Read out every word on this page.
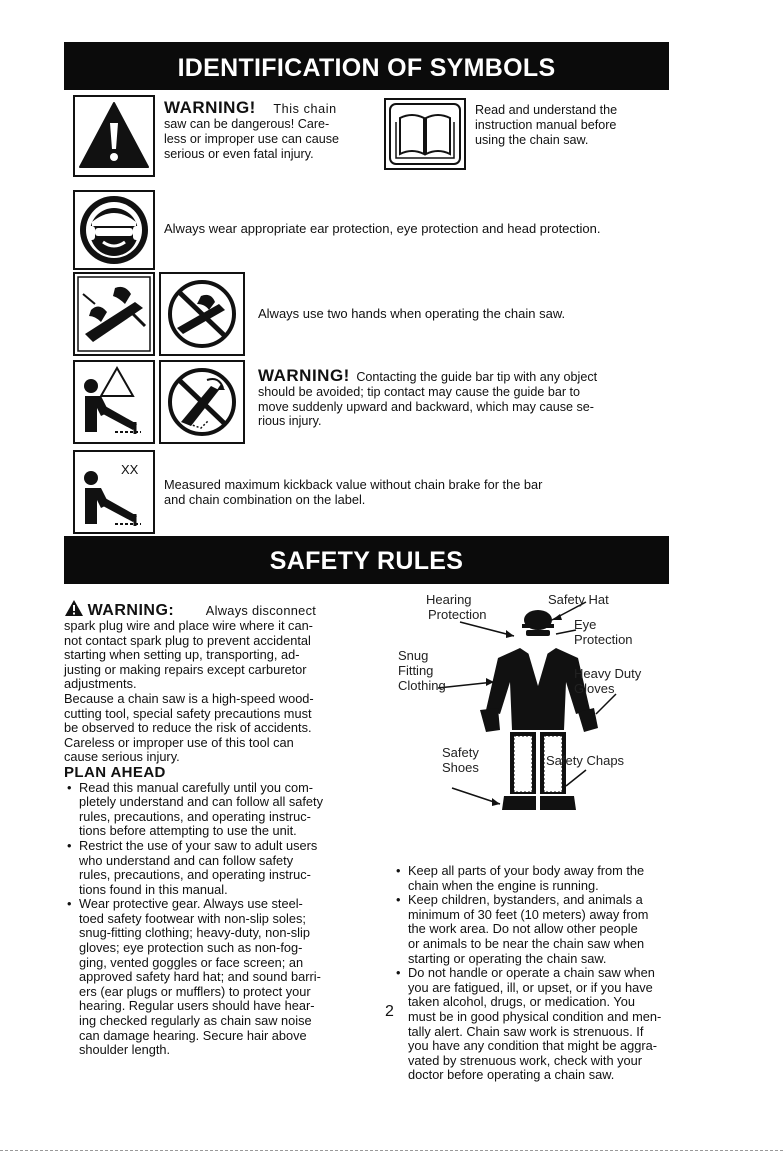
IDENTIFICATION OF SYMBOLS
WARNING! This chain
saw can be dangerous! Care-
less or improper use can cause
serious or even fatal injury.
Read and understand the
instruction manual before
using the chain saw.
Always wear appropriate ear protection, eye protection and head protection.
Always use two hands when operating the chain saw.
WARNING! Contacting the guide bar tip with any object
should be avoided; tip contact may cause the guide bar to
move suddenly upward and backward, which may cause se-
rious injury.
XX
Measured maximum kickback value without chain brake for the bar
and chain combination on the label.
SAFETY RULES
WARNING: Always disconnect

spark plug wire and place wire where it can-

not contact spark plug to prevent accidental

starting when setting up, transporting, ad-

justing or making repairs except carburetor

adjustments.

Because a chain saw is a high-speed wood-

cutting tool, special safety precautions must

be observed to reduce the risk of accidents.

Careless or improper use of this tool can

cause serious injury.

PLAN AHEAD

• Read this manual carefully until you com-

pletely understand and can follow all safety

rules, precautions, and operating instruc-

tions before attempting to use the unit.

• Restrict the use of your saw to adult users

who understand and can follow safety

rules, precautions, and operating instruc-

tions found in this manual.

• Wear protective gear. Always use steel-

toed safety footwear with non-slip soles;

snug-fitting clothing; heavy-duty, non-slip

gloves; eye protection such as non-fog-

ging, vented goggles or face screen; an

approved safety hard hat; and sound barri-

ers (ear plugs or mufflers) to protect your

hearing. Regular users should have hear-

ing checked regularly as chain saw noise

can damage hearing. Secure hair above

shoulder length.

Hearing
Protection
Safety Hat
Eye
Protection
Snug
Fitting
Clothing
Heavy Duty
Gloves
Safety
Shoes	Safety Chaps

• Keep all parts of your body away from the

chain when the engine is running.

• Keep children, bystanders, and animals a

minimum of 30 feet (10 meters) away from

the work area. Do not allow other people

or animals to be near the chain saw when

starting or operating the chain saw.

• Do not handle or operate a chain saw when

you are fatigued, ill, or upset, or if you have

taken alcohol, drugs, or medication. You

must be in good physical condition and men-

tally alert. Chain saw work is strenuous. If

you have any condition that might be aggra-

vated by strenuous work, check with your

doctor before operating a chain saw.

2
